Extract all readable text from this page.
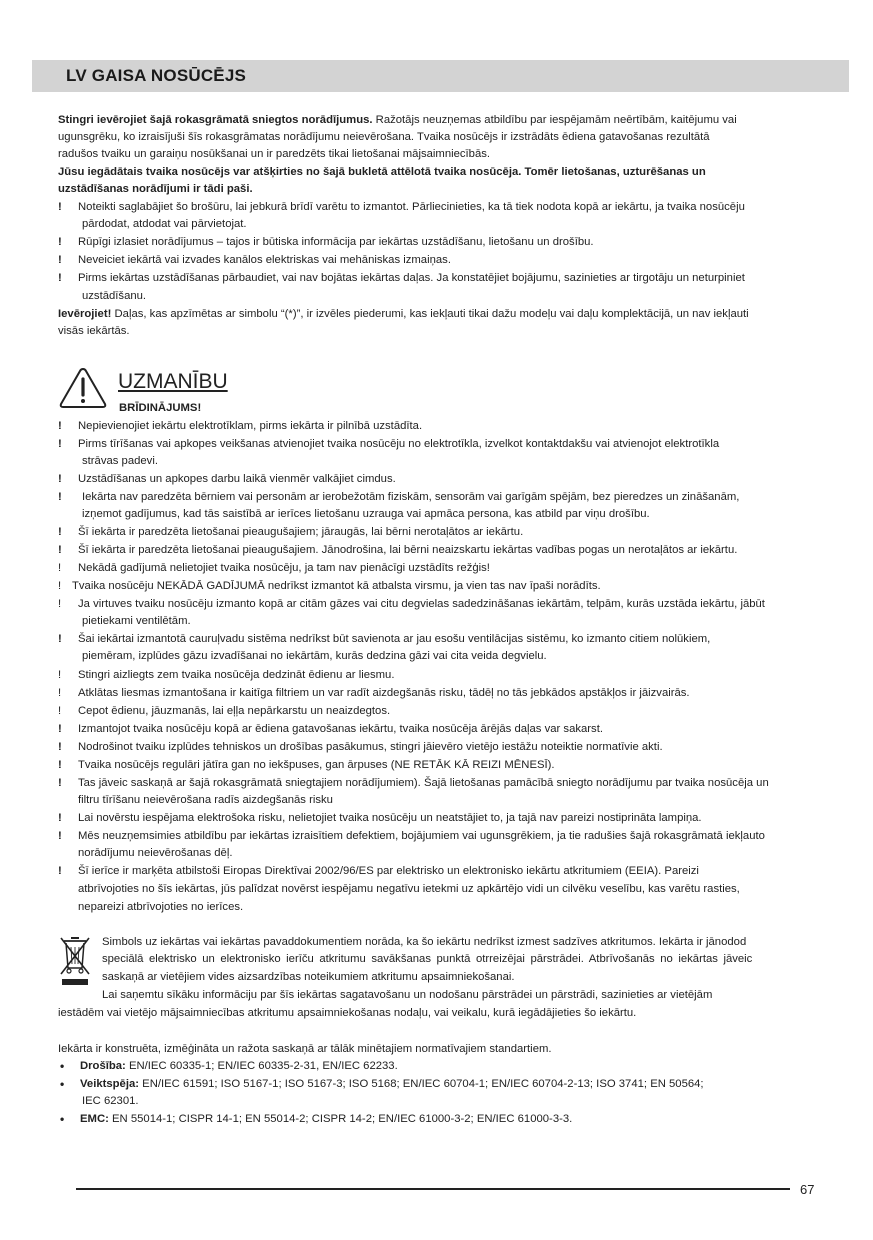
LV GAISA NOSŪCĒJS
Stingri ievērojiet šajā rokasgrāmatā sniegtos norādījumus. Ražotājs neuzņemas atbildību par iespējamām neērtībām, kaitējumu vai
ugunsgrēku, ko izraisījuši šīs rokasgrāmatas norādījumu neievērošana. Tvaika nosūcējs ir izstrādāts ēdiena gatavošanas rezultātā
radušos tvaiku un garaiņu nosūkšanai un ir paredzēts tikai lietošanai mājsaimniecībās.
Jūsu iegādātais tvaika nosūcējs var atšķirties no šajā bukletā attēlotā tvaika nosūcēja. Tomēr lietošanas, uzturēšanas un
uzstādīšanas norādījumi ir tādi paši.
! Noteikti saglabājiet šo brošūru, lai jebkurā brīdī varētu to izmantot. Pārliecinieties, ka tā tiek nodota kopā ar iekārtu, ja tvaika nosūcēju
pārdodat, atdodat vai pārvietojat.
! Rūpīgi izlasiet norādījumus – tajos ir būtiska informācija par iekārtas uzstādīšanu, lietošanu un drošību.
! Neveiciet iekārtā vai izvades kanālos elektriskas vai mehāniskas izmaiņas.
! Pirms iekārtas uzstādīšanas pārbaudiet, vai nav bojātas iekārtas daļas. Ja konstatējiet bojājumu, sazinieties ar tirgotāju un neturpiniet
uzstādīšanu.
Ievērojiet! Daļas, kas apzīmētas ar simbolu “(*)”, ir izvēles piederumi, kas iekļauti tikai dažu modeļu vai daļu komplektācijā, un nav iekļauti
visās iekārtās.
UZMANĪBU
BRĪDINĀJUMS!
! Nepievienojiet iekārtu elektrotīklam, pirms iekārta ir pilnībā uzstādīta.
! Pirms tīrīšanas vai apkopes veikšanas atvienojiet tvaika nosūcēju no elektrotīkla, izvelkot kontaktdakšu vai atvienojot elektrotīkla
strāvas padevi.
! Uzstādīšanas un apkopes darbu laikā vienmēr valkājiet cimdus.
! Iekārta nav paredzēta bērniem vai personām ar ierobežotām fiziskām, sensorām vai garīgām spējām, bez pieredzes un zināšanām,
izņemot gadījumus, kad tās saistībā ar ierīces lietošanu uzrauga vai apmāca persona, kas atbild par viņu drošību.
! Šī iekārta ir paredzēta lietošanai pieaugušajiem; jāraugās, lai bērni nerotaļātos ar iekārtu.
! Šī iekārta ir paredzēta lietošanai pieaugušajiem. Jānodrošina, lai bērni neaizskartu iekārtas vadības pogas un nerotaļātos ar iekārtu.
! Nekādā gadījumā nelietojiet tvaika nosūcēju, ja tam nav pienācīgi uzstādīts režģis!
! Tvaika nosūcēju NEKĀDĀ GADĪJUMĀ nedrīkst izmantot kā atbalsta virsmu, ja vien tas nav īpaši norādīts.
! Ja virtuves tvaiku nosūcēju izmanto kopā ar citām gāzes vai citu degvielas sadedzināšanas iekārtām, telpām, kurās uzstāda iekārtu, jābūt
pietiekami ventilētām.
! Šai iekārtai izmantotā cauruļvadu sistēma nedrīkst būt savienota ar jau esošu ventilācijas sistēmu, ko izmanto citiem nolūkiem,
piemēram, izplūdes gāzu izvadīšanai no iekārtām, kurās dedzina gāzi vai cita veida degvielu.
! Stingri aizliegts zem tvaika nosūcēja dedzināt ēdienu ar liesmu.
! Atklātas liesmas izmantošana ir kaitīga filtriem un var radīt aizdegšanās risku, tādēļ no tās jebkādos apstākļos ir jāizvairās.
! Cepot ēdienu, jāuzmanās, lai eļļa nepārkarstu un neaizdegtos.
! Izmantojot tvaika nosūcēju kopā ar ēdiena gatavošanas iekārtu, tvaika nosūcēja ārējās daļas var sakarst.
! Nodrošinot tvaiku izplūdes tehniskos un drošības pasākumus, stingri jāievēro vietējo iestāžu noteiktie normatīvie akti.
! Tvaika nosūcējs regulāri jātīra gan no iekšpuses, gan ārpuses (NE RETĀK KĀ REIZI MĒNESĪ).
! Tas jāveic saskaņā ar šajā rokasgrāmatā sniegtajiem norādījumiem). Šajā lietošanas pamācībā sniegto norādījumu par tvaika nosūcēja un
filtru tīrīšanu neievērošana radīs aizdegšanās risku
! Lai novērstu iespējama elektrošoka risku, nelietojiet tvaika nosūcēju un neatstājiet to, ja tajā nav pareizi nostiprināta lampiņa.
! Mēs neuzņemsimies atbildību par iekārtas izraisītiem defektiem, bojājumiem vai ugunsgrēkiem, ja tie radušies šajā rokasgrāmatā iekļauto
norādījumu neievērošanas dēļ.
! Šī ierīce ir marķēta atbilstoši Eiropas Direktīvai 2002/96/ES par elektrisko un elektronisko iekārtu atkritumiem (EEIA). Pareizi
atbrīvojoties no šīs iekārtas, jūs palīdzat novērst iespējamu negatīvu ietekmi uz apkārtējo vidi un cilvēku veselību, kas varētu rasties,
nepareizi atbrīvojoties no ierīces.
Simbols uz iekārtas vai iekārtas pavaddokumentiem norāda, ka šo iekārtu nedrīkst izmest sadzīves atkritumos. Iekārta ir jānodod
speciālā elektrisko un elektronisko ierīču atkritumu savākšanas punktā otrreizējai pārstrādei. Atbrīvošanās no iekārtas jāveic
saskaņā ar vietējiem vides aizsardzības noteikumiem atkritumu apsaimniekošanai.
Lai saņemtu sīkāku informāciju par šīs iekārtas sagatavošanu un nodošanu pārstrādei un pārstrādi, sazinieties ar vietējām
iestādēm vai vietējo mājsaimniecības atkritumu apsaimniekošanas nodaļu, vai veikalu, kurā iegādājieties šo iekārtu.
Iekārta ir konstruēta, izmēģināta un ražota saskaņā ar tālāk minētajiem normatīvajiem standartiem.
• Drošība: EN/IEC 60335-1; EN/IEC 60335-2-31, EN/IEC 62233.
• Veiktspēja: EN/IEC 61591; ISO 5167-1; ISO 5167-3; ISO 5168; EN/IEC 60704-1; EN/IEC 60704-2-13; ISO 3741; EN 50564;
IEC 62301.
• EMC: EN 55014-1; CISPR 14-1; EN 55014-2; CISPR 14-2; EN/IEC 61000-3-2; EN/IEC 61000-3-3.
67
